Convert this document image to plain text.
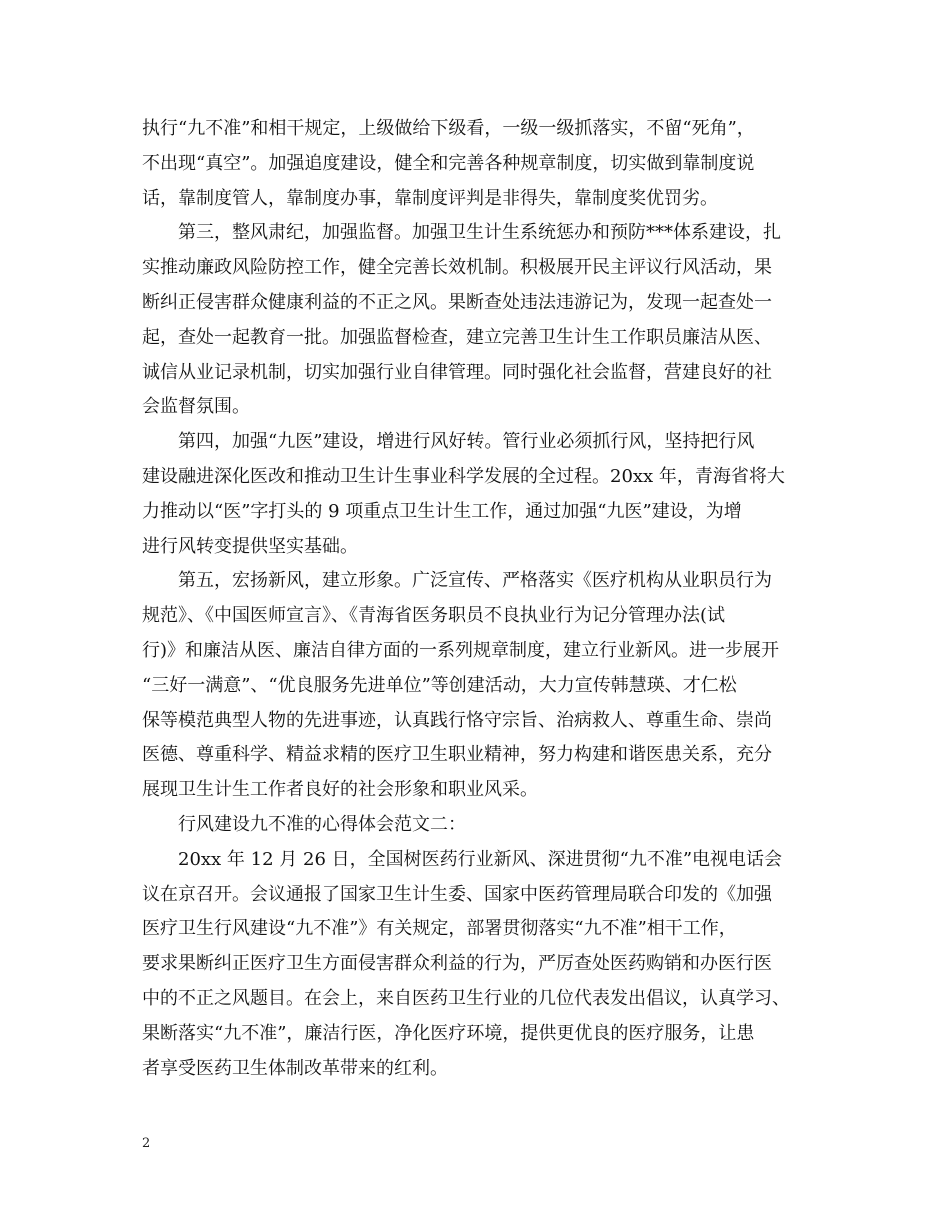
执行“九不准”和相干规定，上级做给下级看，一级一级抓落实，不留“死角”，
不出现“真空”。加强追度建设，健全和完善各种规章制度，切实做到靠制度说
话，靠制度管人，靠制度办事，靠制度评判是非得失，靠制度奖优罚劣。
第三，整风肃纪，加强监督。加强卫生计生系统惩办和预防***体系建设，扎
实推动廉政风险防控工作，健全完善长效机制。积极展开民主评议行风活动，果
断纠正侵害群众健康利益的不正之风。果断查处违法违游记为，发现一起查处一
起，查处一起教育一批。加强监督检查，建立完善卫生计生工作职员廉洁从医、
诚信从业记录机制，切实加强行业自律管理。同时强化社会监督，营建良好的社
会监督氛围。
第四，加强“九医”建设，增进行风好转。管行业必须抓行风，坚持把行风
建设融进深化医改和推动卫生计生事业科学发展的全过程。20xx 年，青海省将大
力推动以“医”字打头的 9 项重点卫生计生工作，通过加强“九医”建设，为增
进行风转变提供坚实基础。
第五，宏扬新风，建立形象。广泛宣传、严格落实《医疗机构从业职员行为
规范》、《中国医师宣言》、《青海省医务职员不良执业行为记分管理办法(试
行)》和廉洁从医、廉洁自律方面的一系列规章制度，建立行业新风。进一步展开
“三好一满意”、“优良服务先进单位”等创建活动，大力宣传韩慧瑛、才仁松
保等模范典型人物的先进事迹，认真践行恪守宗旨、治病救人、尊重生命、崇尚
医德、尊重科学、精益求精的医疗卫生职业精神，努力构建和谐医患关系，充分
展现卫生计生工作者良好的社会形象和职业风采。
行风建设九不准的心得体会范文二：
20xx 年 12 月 26 日，全国树医药行业新风、深进贯彻“九不准”电视电话会
议在京召开。会议通报了国家卫生计生委、国家中医药管理局联合印发的《加强
医疗卫生行风建设“九不准”》有关规定，部署贯彻落实“九不准”相干工作，
要求果断纠正医疗卫生方面侵害群众利益的行为，严厉查处医药购销和办医行医
中的不正之风题目。在会上，来自医药卫生行业的几位代表发出倡议，认真学习、
果断落实“九不准”，廉洁行医，净化医疗环境，提供更优良的医疗服务，让患
者享受医药卫生体制改革带来的红利。
2
